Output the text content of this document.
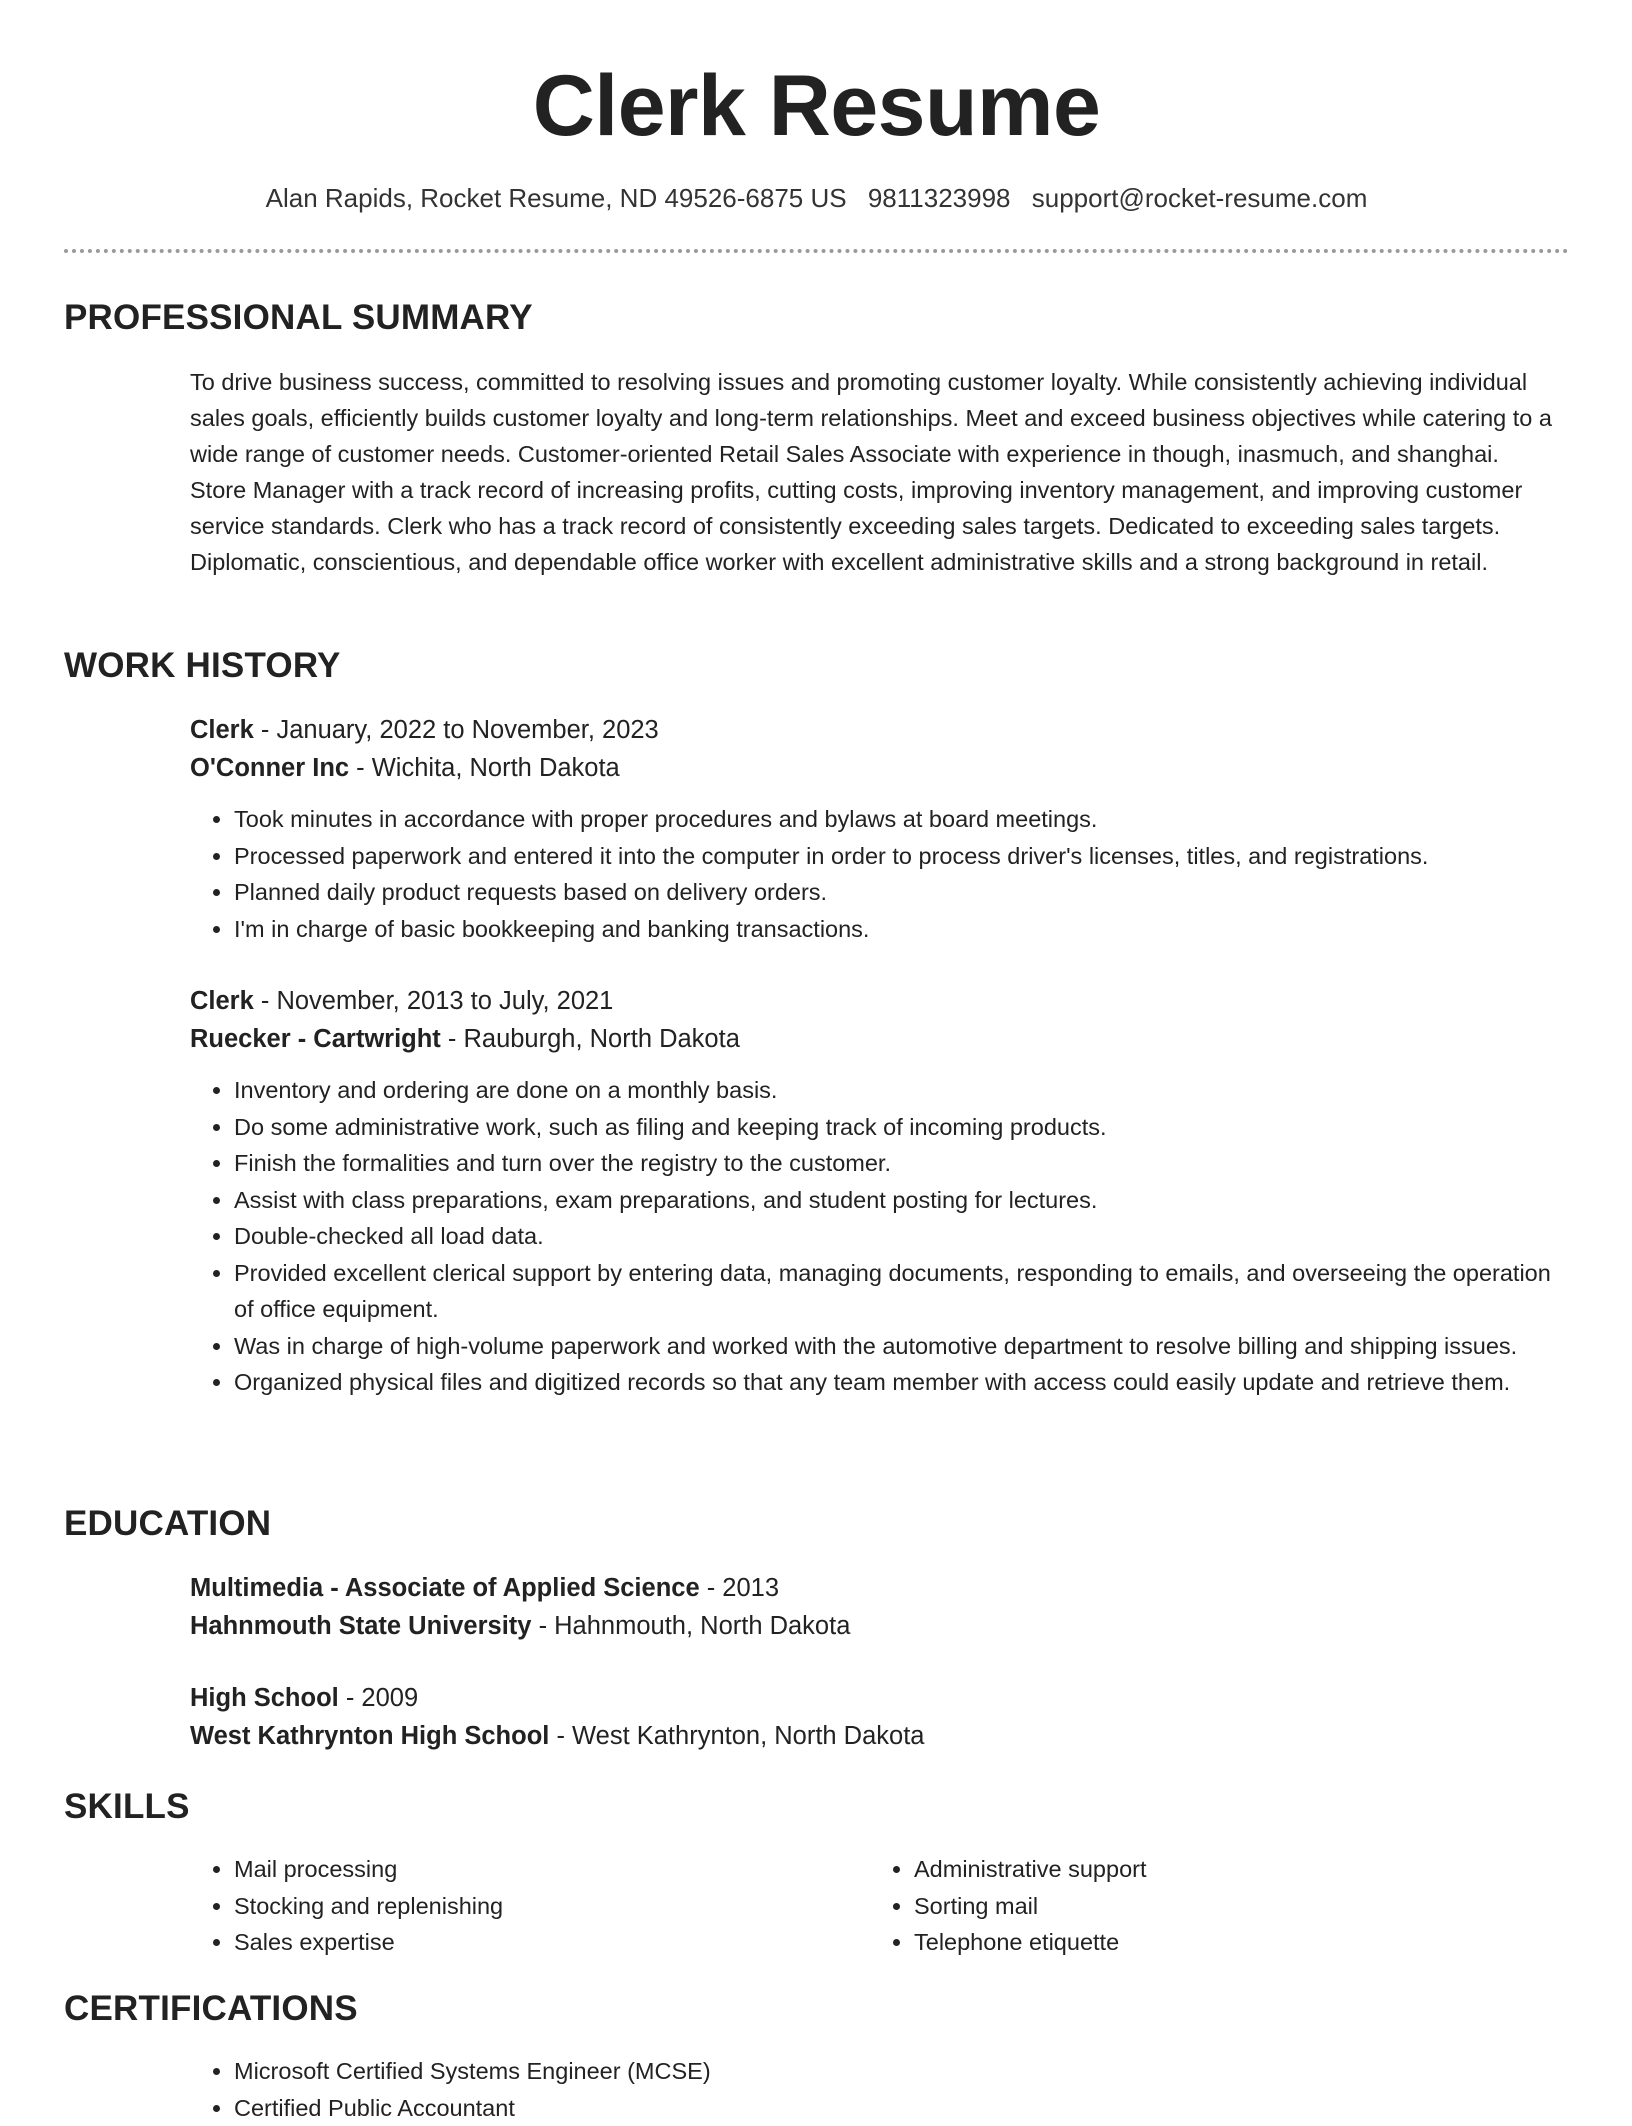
Clerk Resume
Alan Rapids, Rocket Resume, ND 49526-6875 US 9811323998 support@rocket-resume.com
PROFESSIONAL SUMMARY

To drive business success, committed to resolving issues and promoting customer loyalty. While consistently achieving individual sales goals, efficiently builds customer loyalty and long-term relationships. Meet and exceed business objectives while catering to a wide range of customer needs. Customer-oriented Retail Sales Associate with experience in though, inasmuch, and shanghai. Store Manager with a track record of increasing profits, cutting costs, improving inventory management, and improving customer service standards. Clerk who has a track record of consistently exceeding sales targets. Dedicated to exceeding sales targets. Diplomatic, conscientious, and dependable office worker with excellent administrative skills and a strong background in retail.

WORK HISTORY

Clerk - January, 2022 to November, 2023

O'Conner Inc - Wichita, North Dakota

• Took minutes in accordance with proper procedures and bylaws at board meetings.
• Processed paperwork and entered it into the computer in order to process driver's licenses, titles, and registrations.
• Planned daily product requests based on delivery orders.
• I'm in charge of basic bookkeeping and banking transactions.

Clerk - November, 2013 to July, 2021

Ruecker - Cartwright - Rauburgh, North Dakota

• Inventory and ordering are done on a monthly basis.
• Do some administrative work, such as filing and keeping track of incoming products.
• Finish the formalities and turn over the registry to the customer.
• Assist with class preparations, exam preparations, and student posting for lectures.
• Double-checked all load data.
• Provided excellent clerical support by entering data, managing documents, responding to emails, and overseeing the operation of office equipment.
• Was in charge of high-volume paperwork and worked with the automotive department to resolve billing and shipping issues.
• Organized physical files and digitized records so that any team member with access could easily update and retrieve them.
EDUCATION

Multimedia - Associate of Applied Science - 2013

Hahnmouth State University - Hahnmouth, North Dakota

High School - 2009

West Kathrynton High School - West Kathrynton, North Dakota

SKILLS
• Mail processing
• Stocking and replenishing
• Sales expertise
• Administrative support
• Sorting mail
• Telephone etiquette
CERTIFICATIONS
• Microsoft Certified Systems Engineer (MCSE)
• Certified Public Accountant
